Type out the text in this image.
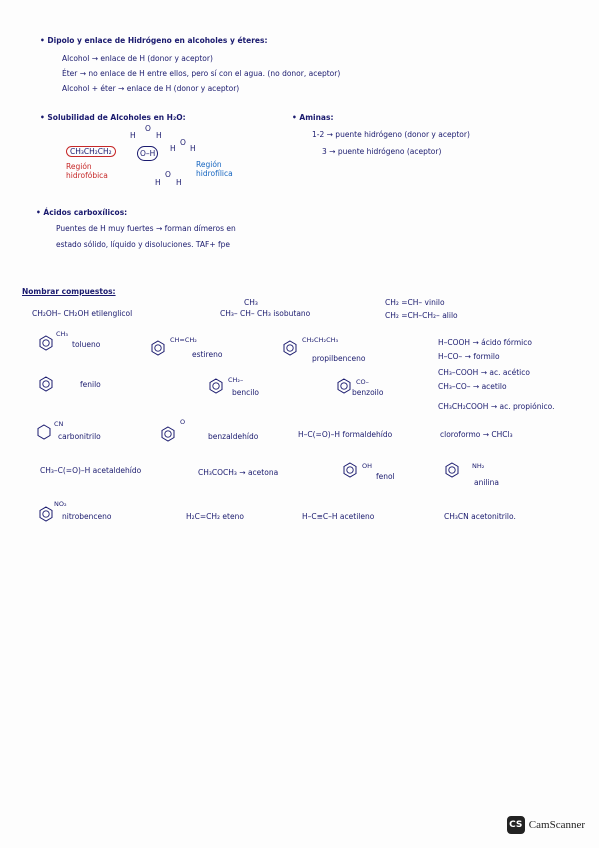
• Dipolo y enlace de Hidrógeno en alcoholes y éteres:
Alcohol → enlace de H (donor y aceptor)
Éter → no enlace de H entre ellos, pero sí con el agua. (no donor, aceptor)
Alcohol + éter → enlace de H (donor y aceptor)
• Solubilidad de Alcoholes en H₂O:
CH₃CH₂CH₂	O–H
H
O
H
H
O
H
O
H H
Región hidrofóbica
Región hidrofílica
• Aminas:
1-2 → puente hidrógeno (donor y aceptor)
3 → puente hidrógeno (aceptor)
• Ácidos carboxílicos:
Puentes de H muy fuertes → forman dímeros en
estado sólido, líquido y disoluciones. TAF+ fpe
Nombrar compuestos:
CH₂OH– CH₂OH etilenglicol
CH₃
CH₃– CH– CH₃ isobutano
CH₂ =CH– vinilo
CH₂ =CH–CH₂– alilo
CH₃
tolueno	CH=CH₂
estireno
CH₂CH₂CH₃
propilbenceno
H–COOH → ácido fórmico
H–CO– → formilo
fenilo	CH₂–
bencilo
CO–
benzoilo
CH₃–COOH → ac. acético
CH₃–CO– → acetilo
CH₃CH₂COOH → ac. propiónico.
CN
carbonitrilo
O
benzaldehído	H–C(=O)–H formaldehído	cloroformo → CHCl₃
CH₃–C(=O)–H acetaldehído	CH₃COCH₃ → acetona
OH
fenol
NH₂
anilina
NO₂
nitrobenceno	H₂C=CH₂ eteno	H–C≡C–H acetileno	CH₃CN acetonitrilo.
CS CamScanner
